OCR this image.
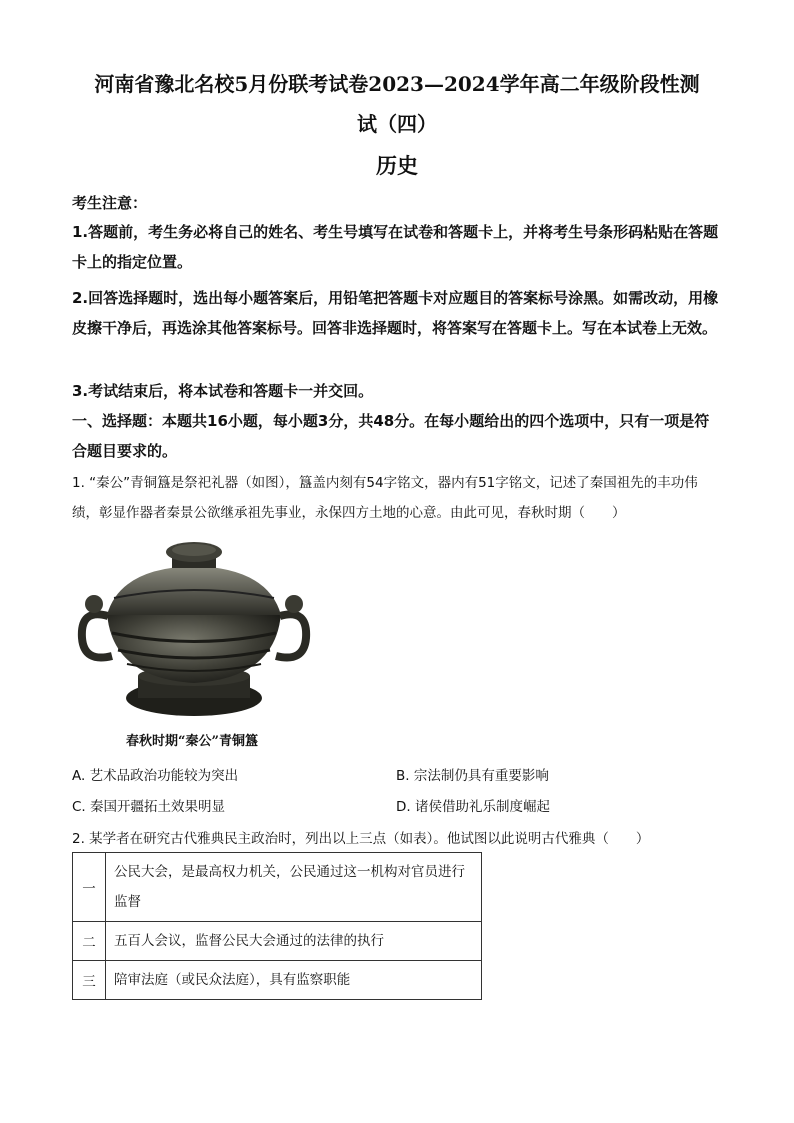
河南省豫北名校5月份联考试卷2023—2024学年高二年级阶段性测
试（四）
历史
考生注意：
1.答题前，考生务必将自己的姓名、考生号填写在试卷和答题卡上，并将考生号条形码粘贴在答题卡上的指定位置。
2.回答选择题时，选出每小题答案后，用铅笔把答题卡对应题目的答案标号涂黑。如需改动，用橡皮擦干净后，再选涂其他答案标号。回答非选择题时，将答案写在答题卡上。写在本试卷上无效。
3.考试结束后，将本试卷和答题卡一并交回。
一、选择题：本题共16小题，每小题3分，共48分。在每小题给出的四个选项中，只有一项是符合题目要求的。
1. “秦公”青铜簋是祭祀礼器（如图），簋盖内刻有54字铭文，器内有51字铭文，记述了秦国祖先的丰功伟绩，彰显作器者秦景公欲继承祖先事业，永保四方土地的心意。由此可见，春秋时期（　　）
春秋时期“秦公”青铜簋
A. 艺术品政治功能较为突出	B. 宗法制仍具有重要影响
C. 秦国开疆拓土效果明显	D. 诸侯借助礼乐制度崛起
2. 某学者在研究古代雅典民主政治时，列出以上三点（如表）。他试图以此说明古代雅典（　　）
一	公民大会，是最高权力机关，公民通过这一机构对官员进行监督
二	五百人会议，监督公民大会通过的法律的执行
三	陪审法庭（或民众法庭），具有监察职能
